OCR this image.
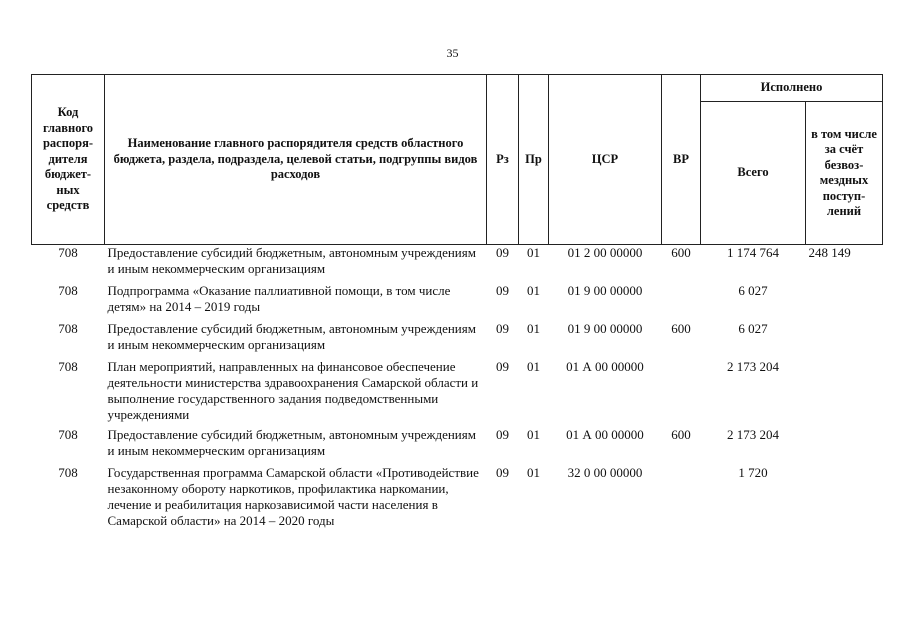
35
Код главного распоря-дителя бюджет-ных средств	Наименование главного распорядителя средств областного бюджета, раздела, подраздела, целевой статьи, подгруппы видов расходов	Рз	Пр	ЦСР	ВР	Исполнено	
						Всего	в том числе за счёт безвоз-мездных поступ-лений
708	Предоставление субсидий бюджетным, автономным учреждениям и иным некоммерческим организациям	09	01	01 2 00 00000	600	1 174 764	248 149
708	Подпрограмма «Оказание паллиативной помощи, в том числе детям» на 2014 – 2019 годы	09	01	01 9 00 00000		6 027	
708	Предоставление субсидий бюджетным, автономным учреждениям и иным некоммерческим организациям	09	01	01 9 00 00000	600	6 027	
708	План мероприятий, направленных на финансовое обеспечение деятельности министерства здравоохранения Самарской области и выполнение государственного задания подведомственными учреждениями	09	01	01 А 00 00000		2 173 204	
708	Предоставление субсидий бюджетным, автономным учреждениям и иным некоммерческим организациям	09	01	01 А 00 00000	600	2 173 204	
708	Государственная программа Самарской области «Противодействие незаконному обороту наркотиков, профилактика наркомании, лечение и реабилитация наркозависимой части населения в Самарской области» на 2014 – 2020 годы	09	01	32 0 00 00000		1 720	
